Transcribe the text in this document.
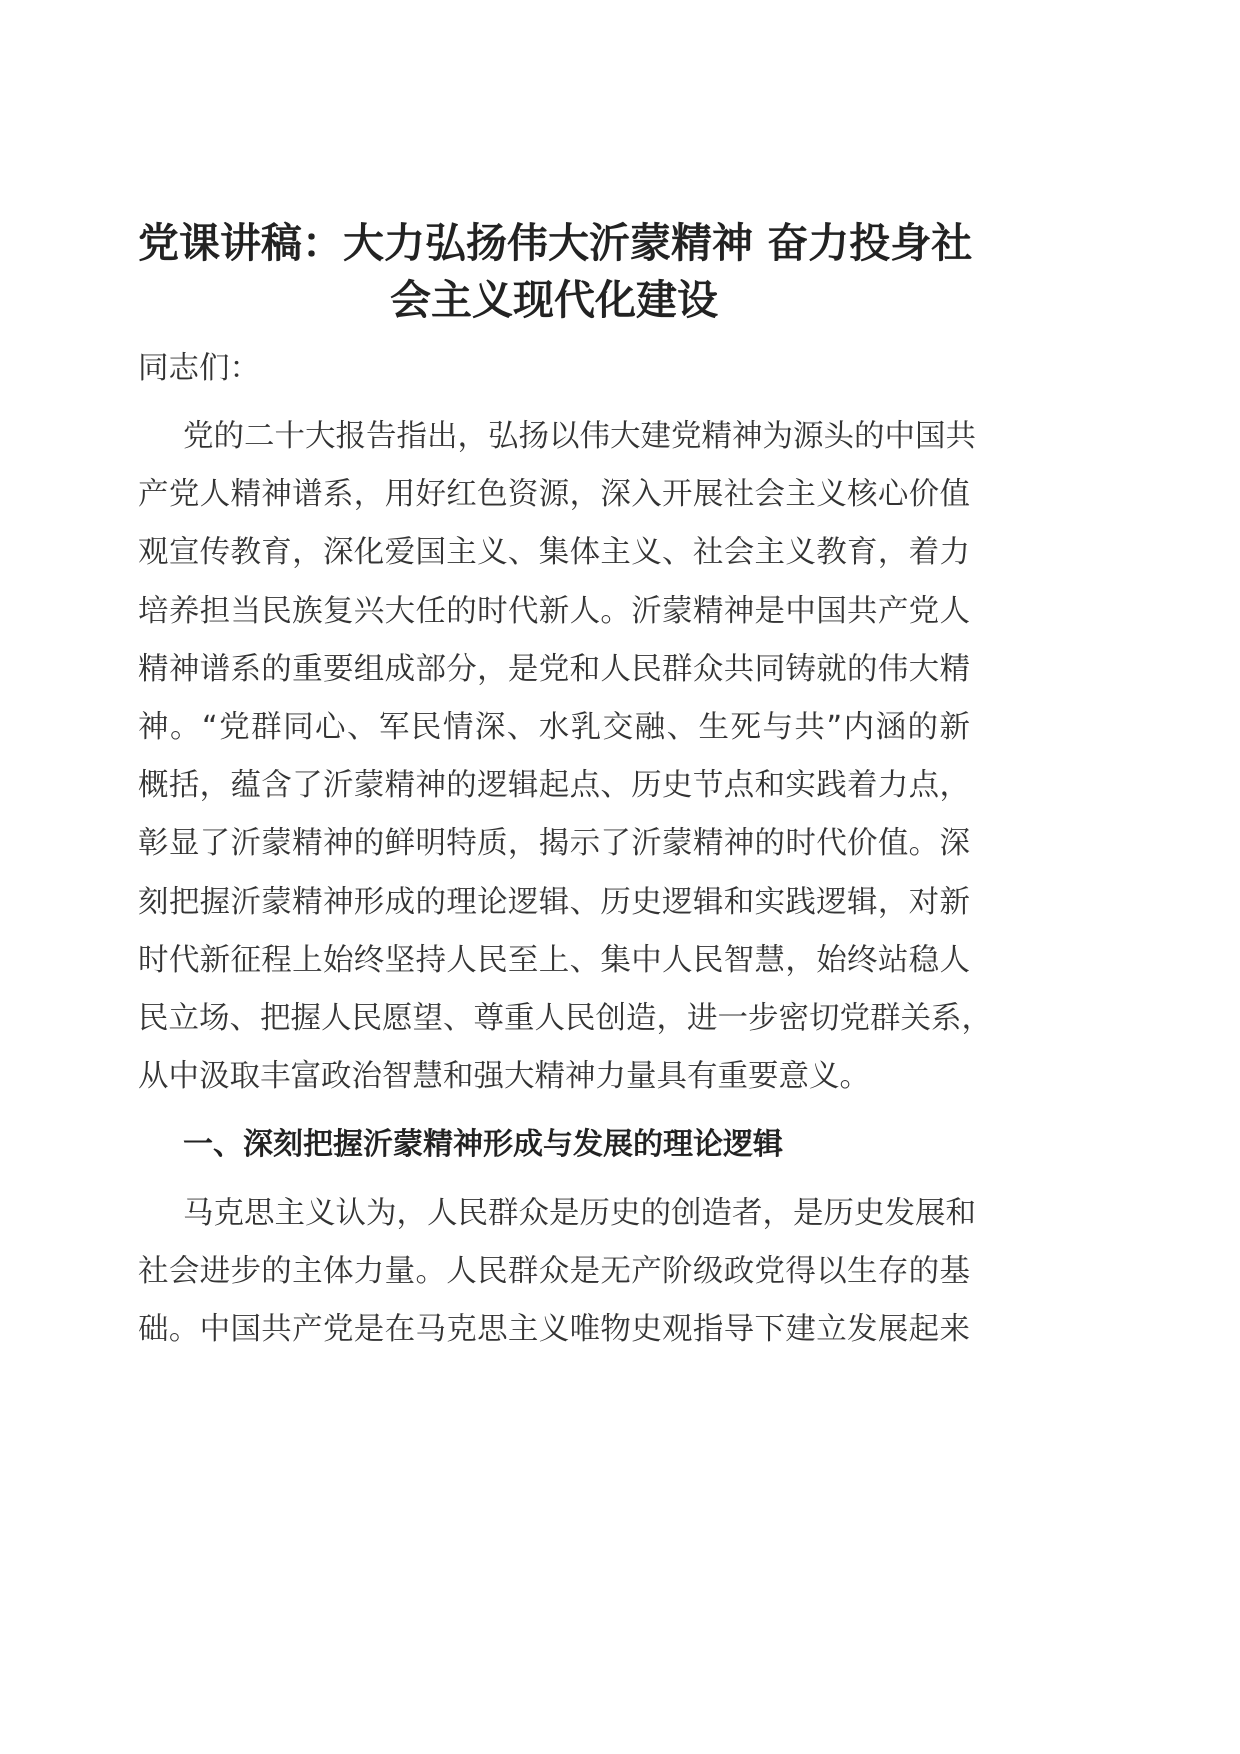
党课讲稿：大力弘扬伟大沂蒙精神 奋力投身社
会主义现代化建设
同志们：
党的二十大报告指出，弘扬以伟大建党精神为源头的中国共
产党人精神谱系，用好红色资源，深入开展社会主义核心价值
观宣传教育，深化爱国主义、集体主义、社会主义教育，着力
培养担当民族复兴大任的时代新人。沂蒙精神是中国共产党人
精神谱系的重要组成部分，是党和人民群众共同铸就的伟大精
神。“党群同心、军民情深、水乳交融、生死与共”内涵的新
概括，蕴含了沂蒙精神的逻辑起点、历史节点和实践着力点，
彰显了沂蒙精神的鲜明特质，揭示了沂蒙精神的时代价值。深
刻把握沂蒙精神形成的理论逻辑、历史逻辑和实践逻辑，对新
时代新征程上始终坚持人民至上、集中人民智慧，始终站稳人
民立场、把握人民愿望、尊重人民创造，进一步密切党群关系，
从中汲取丰富政治智慧和强大精神力量具有重要意义。
一、深刻把握沂蒙精神形成与发展的理论逻辑
马克思主义认为，人民群众是历史的创造者，是历史发展和
社会进步的主体力量。人民群众是无产阶级政党得以生存的基
础。中国共产党是在马克思主义唯物史观指导下建立发展起来
